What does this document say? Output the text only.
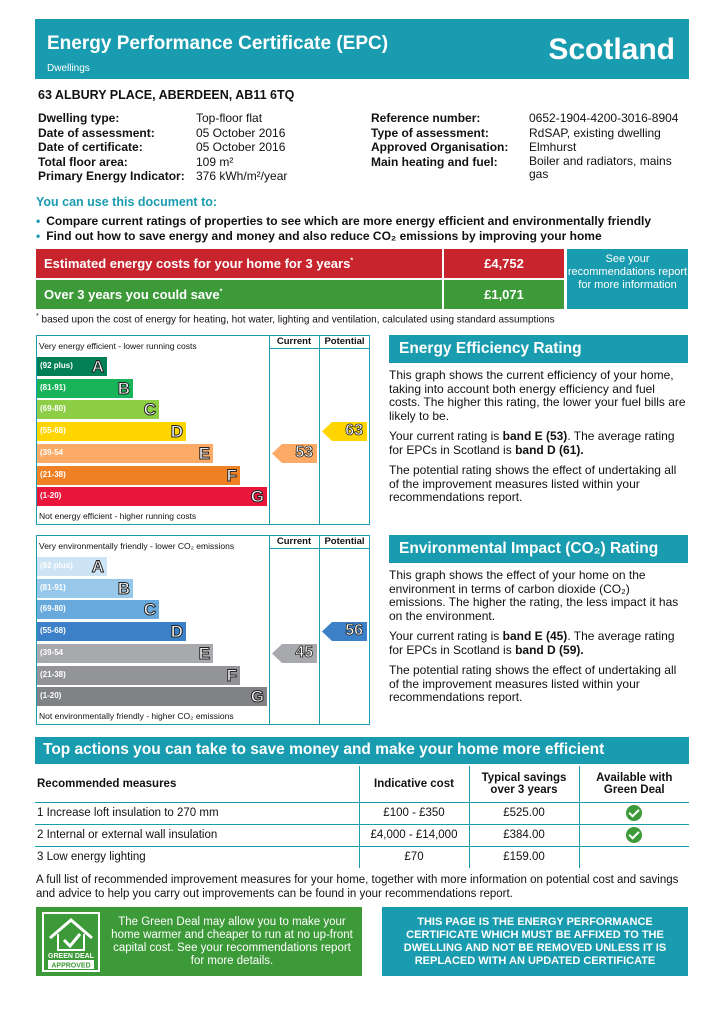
Energy Performance Certificate (EPC)
Dwellings
Scotland
63 ALBURY PLACE, ABERDEEN, AB11 6TQ
Dwelling type:	Top-floor flat
Date of assessment:	05 October 2016
Date of certificate:	05 October 2016
Total floor area:	109 m²
Primary Energy Indicator: 376 kWh/m²/year
Reference number:	0652-1904-4200-3016-8904
Type of assessment:	RdSAP, existing dwelling
Approved Organisation: Elmhurst
Main heating and fuel:	Boiler and radiators, mains gas
You can use this document to:
• Compare current ratings of properties to see which are more energy efficient and environmentally friendly
• Find out how to save energy and money and also reduce CO₂ emissions by improving your home
Estimated energy costs for your home for 3 years*	£4,752
Over 3 years you could save*	£1,071
See your recommendations report for more information
* based upon the cost of energy for heating, hot water, lighting and ventilation, calculated using standard assumptions
Current	Potential
Very energy efficient - lower running costs
Not energy efficient - higher running costs
(92 plus) A
(81-91)	B
(69-80)	C
(55-68)	D
(39-54	E
(21-38)	F
(1-20)	G
53
63
Current	Potential
Very environmentally friendly - lower CO₂ emissions
Not environmentally friendly - higher CO₂ emissions
(92 plus) A
(81-91)	B
(69-80)	C
(55-68)	D
(39-54	E
(21-38)	F
(1-20)	G
45
56
Energy Efficiency Rating

This graph shows the current efficiency of your home, taking into account both energy efficiency and fuel costs. The higher this rating, the lower your fuel bills are likely to be.

Your current rating is band E (53). The average rating for EPCs in Scotland is band D (61).

The potential rating shows the effect of undertaking all of the improvement measures listed within your recommendations report.

Environmental Impact (CO₂) Rating

This graph shows the effect of your home on the environment in terms of carbon dioxide (CO₂) emissions. The higher the rating, the less impact it has on the environment.

Your current rating is band E (45). The average rating for EPCs in Scotland is band D (59).

The potential rating shows the effect of undertaking all of the improvement measures listed within your recommendations report.

Top actions you can take to save money and make your home more efficient
Recommended measures	Indicative cost	Typical savings over 3 years	Available with Green Deal
1 Increase loft insulation to 270 mm	£100 - £350	£525.00	
2 Internal or external wall insulation	£4,000 - £14,000	£384.00	
3 Low energy lighting	£70	£159.00	
A full list of recommended improvement measures for your home, together with more information on potential cost and savings and advice to help you carry out improvements can be found in your recommendations report.
GREEN DEAL
APPROVED
The Green Deal may allow you to make your home warmer and cheaper to run at no up-front capital cost. See your recommendations report for more details.
THIS PAGE IS THE ENERGY PERFORMANCE CERTIFICATE WHICH MUST BE AFFIXED TO THE DWELLING AND NOT BE REMOVED UNLESS IT IS REPLACED WITH AN UPDATED CERTIFICATE
